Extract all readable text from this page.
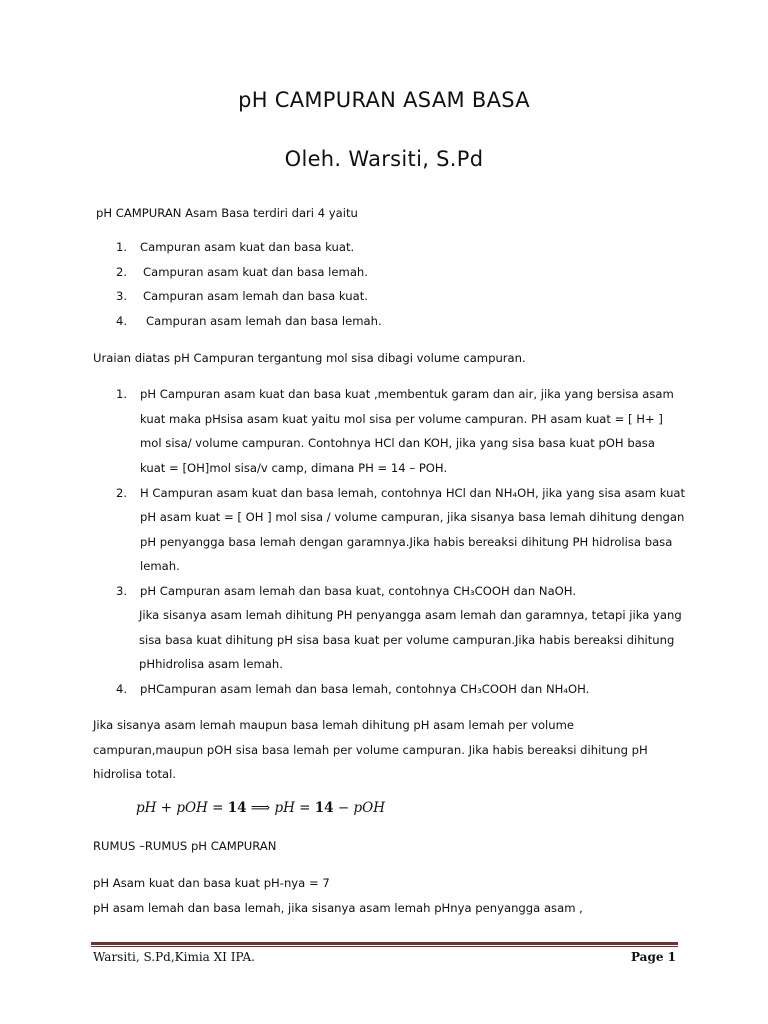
pH CAMPURAN ASAM BASA
Oleh. Warsiti, S.Pd
pH CAMPURAN Asam Basa terdiri dari 4 yaitu
1. Campuran asam kuat dan basa kuat.
2. Campuran asam kuat dan basa lemah.
3. Campuran asam lemah dan basa kuat.
4. Campuran asam lemah dan basa lemah.
Uraian diatas pH Campuran tergantung mol sisa dibagi volume campuran.
1. pH Campuran asam kuat dan basa kuat ,membentuk garam dan air, jika yang bersisa asam
kuat maka pHsisa asam kuat yaitu mol sisa per volume campuran. PH asam kuat = [ H+ ]
mol sisa/ volume campuran. Contohnya HCl dan KOH, jika yang sisa basa kuat pOH basa
kuat = [OH]mol sisa/v camp, dimana PH = 14 – POH.
2. H Campuran asam kuat dan basa lemah, contohnya HCl dan NH₄OH, jika yang sisa asam kuat
pH asam kuat = [ OH ] mol sisa / volume campuran, jika sisanya basa lemah dihitung dengan
pH penyangga basa lemah dengan garamnya.Jika habis bereaksi dihitung PH hidrolisa basa
lemah.
3. pH Campuran asam lemah dan basa kuat, contohnya CH₃COOH dan NaOH.
Jika sisanya asam lemah dihitung PH penyangga asam lemah dan garamnya, tetapi jika yang
sisa basa kuat dihitung pH sisa basa kuat per volume campuran.Jika habis bereaksi dihitung
pHhidrolisa asam lemah.
4. pHCampuran asam lemah dan basa lemah, contohnya CH₃COOH dan NH₄OH.
Jika sisanya asam lemah maupun basa lemah dihitung pH asam lemah per volume
campuran,maupun pOH sisa basa lemah per volume campuran. Jika habis bereaksi dihitung pH
hidrolisa total.
pH + pOH = 14 ⟹ pH = 14 − pOH
RUMUS –RUMUS pH CAMPURAN
pH Asam kuat dan basa kuat pH-nya = 7
pH asam lemah dan basa lemah, jika sisanya asam lemah pHnya penyangga asam ,
Warsiti, S.Pd,Kimia XI IPA.	Page 1
